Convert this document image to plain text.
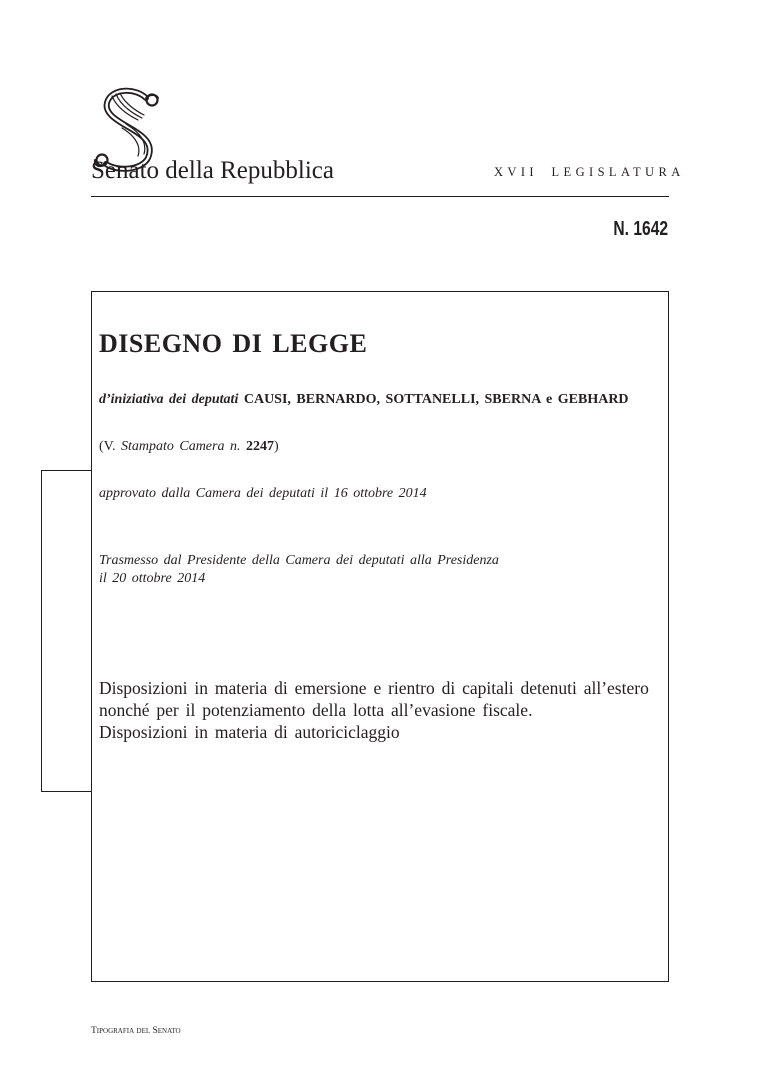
Senato della Repubblica	XVII LEGISLATURA
N. 1642
DISEGNO DI LEGGE
d’iniziativa dei deputati CAUSI, BERNARDO, SOTTANELLI, SBERNA e GEBHARD
(V. Stampato Camera n. 2247)
approvato dalla Camera dei deputati il 16 ottobre 2014
Trasmesso dal Presidente della Camera dei deputati alla Presidenza
il 20 ottobre 2014
Disposizioni in materia di emersione e rientro di capitali detenuti all’estero
nonché per il potenziamento della lotta all’evasione fiscale.
Disposizioni in materia di autoriciclaggio
Tipografia del Senato
